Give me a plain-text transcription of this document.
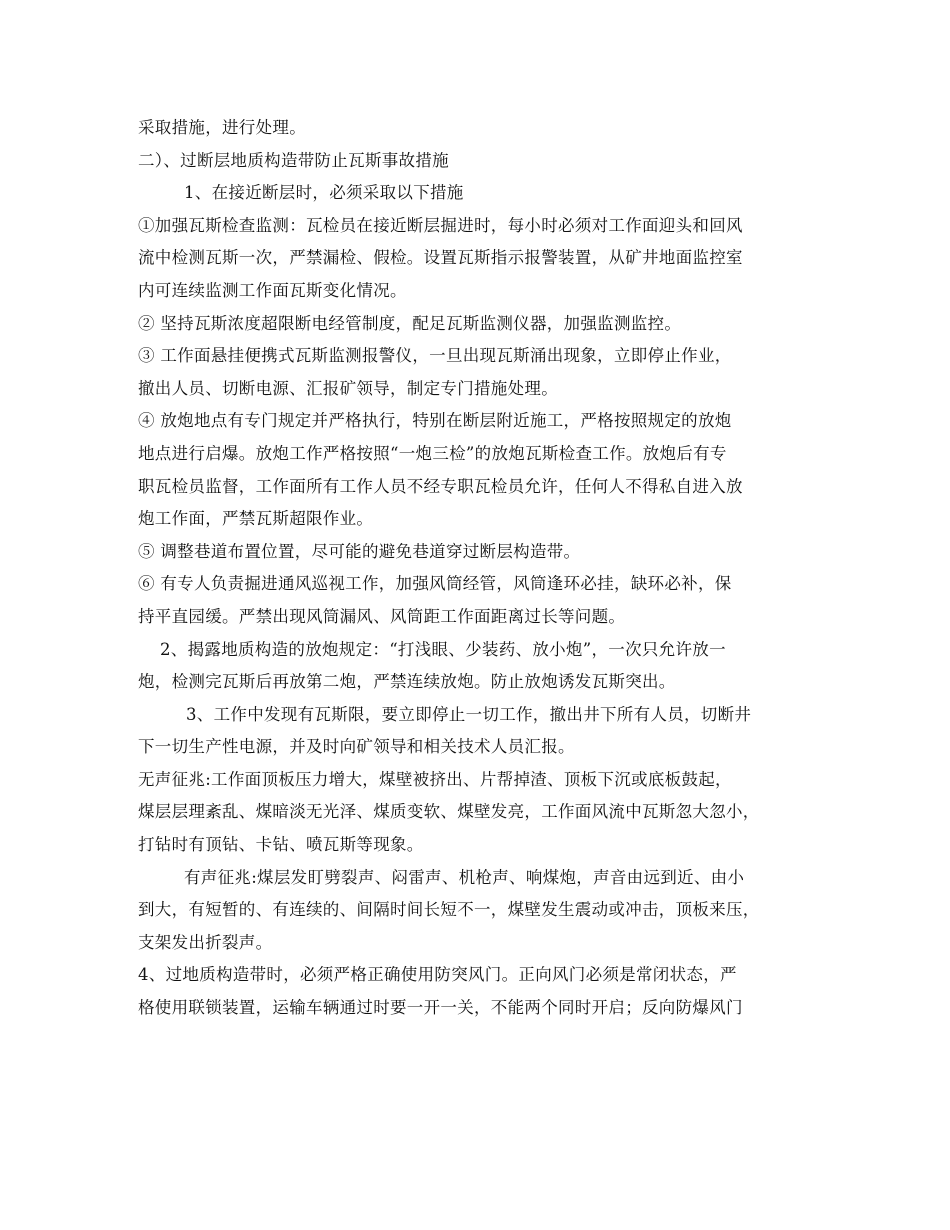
采取措施，进行处理。

二）、过断层地质构造带防止瓦斯事故措施

1、在接近断层时，必须采取以下措施

①加强瓦斯检查监测：瓦检员在接近断层掘进时，每小时必须对工作面迎头和回风

流中检测瓦斯一次，严禁漏检、假检。设置瓦斯指示报警装置，从矿井地面监控室

内可连续监测工作面瓦斯变化情况。

② 坚持瓦斯浓度超限断电经管制度，配足瓦斯监测仪器，加强监测监控。

③ 工作面悬挂便携式瓦斯监测报警仪，一旦出现瓦斯涌出现象，立即停止作业，

撤出人员、切断电源、汇报矿领导，制定专门措施处理。

④ 放炮地点有专门规定并严格执行，特别在断层附近施工，严格按照规定的放炮

地点进行启爆。放炮工作严格按照“一炮三检”的放炮瓦斯检查工作。放炮后有专

职瓦检员监督，工作面所有工作人员不经专职瓦检员允许，任何人不得私自进入放

炮工作面，严禁瓦斯超限作业。

⑤ 调整巷道布置位置，尽可能的避免巷道穿过断层构造带。

⑥ 有专人负责掘进通风巡视工作，加强风筒经管，风筒逢环必挂，缺环必补，保

持平直园缓。严禁出现风筒漏风、风筒距工作面距离过长等问题。

2、揭露地质构造的放炮规定：“打浅眼、少装药、放小炮”，一次只允许放一

炮，检测完瓦斯后再放第二炮，严禁连续放炮。防止放炮诱发瓦斯突出。

3、工作中发现有瓦斯限，要立即停止一切工作，撤出井下所有人员，切断井

下一切生产性电源，并及时向矿领导和相关技术人员汇报。

无声征兆:工作面顶板压力增大，煤壁被挤出、片帮掉渣、顶板下沉或底板鼓起，

煤层层理紊乱、煤暗淡无光泽、煤质变软、煤壁发亮，工作面风流中瓦斯忽大忽小，

打钻时有顶钻、卡钻、喷瓦斯等现象。

有声征兆:煤层发盯劈裂声、闷雷声、机枪声、响煤炮，声音由远到近、由小

到大，有短暂的、有连续的、间隔时间长短不一，煤壁发生震动或冲击，顶板来压，

支架发出折裂声。

4、过地质构造带时，必须严格正确使用防突风门。正向风门必须是常闭状态，严

格使用联锁装置，运输车辆通过时要一开一关，不能两个同时开启；反向防爆风门
